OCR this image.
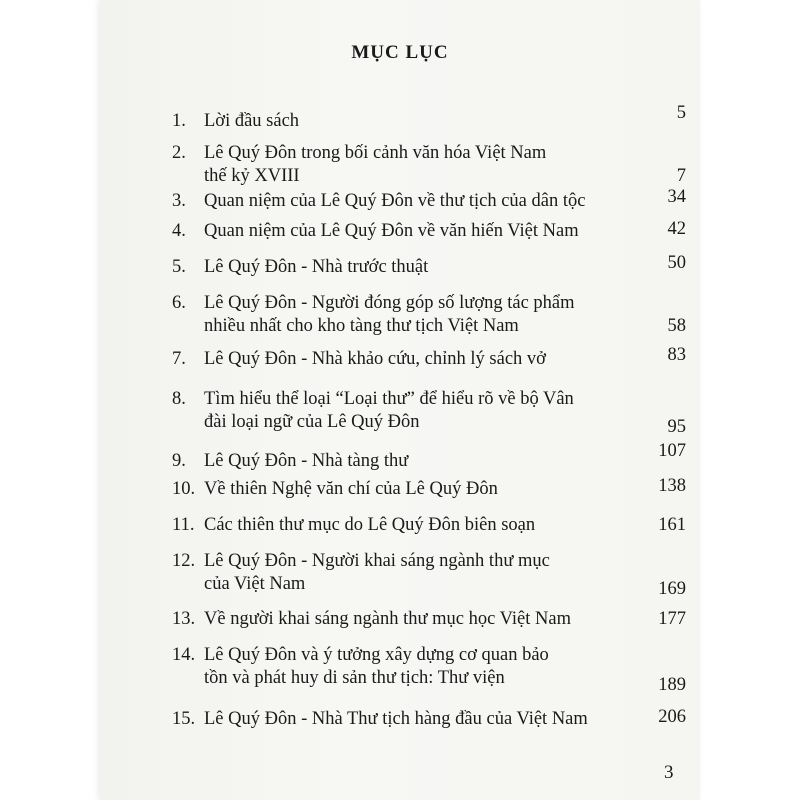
MỤC LỤC
1. Lời đầu sách	5
2. Lê Quý Đôn trong bối cảnh văn hóa Việt Nam
thế kỷ XVIII	7
3. Quan niệm của Lê Quý Đôn về thư tịch của dân tộc	34
4. Quan niệm của Lê Quý Đôn về văn hiến Việt Nam	42
5. Lê Quý Đôn - Nhà trước thuật	50
6. Lê Quý Đôn - Người đóng góp số lượng tác phẩm
nhiều nhất cho kho tàng thư tịch Việt Nam	58
7. Lê Quý Đôn - Nhà khảo cứu, chỉnh lý sách vở	83
8. Tìm hiểu thể loại “Loại thư” để hiểu rõ về bộ Vân
đài loại ngữ của Lê Quý Đôn	95
9. Lê Quý Đôn - Nhà tàng thư	107
10. Về thiên Nghệ văn chí của Lê Quý Đôn	138
11. Các thiên thư mục do Lê Quý Đôn biên soạn	161
12. Lê Quý Đôn - Người khai sáng ngành thư mục
của Việt Nam	169
13. Về người khai sáng ngành thư mục học Việt Nam	177
14. Lê Quý Đôn và ý tưởng xây dựng cơ quan bảo
tồn và phát huy di sản thư tịch: Thư viện	189
15. Lê Quý Đôn - Nhà Thư tịch hàng đầu của Việt Nam	206
3
